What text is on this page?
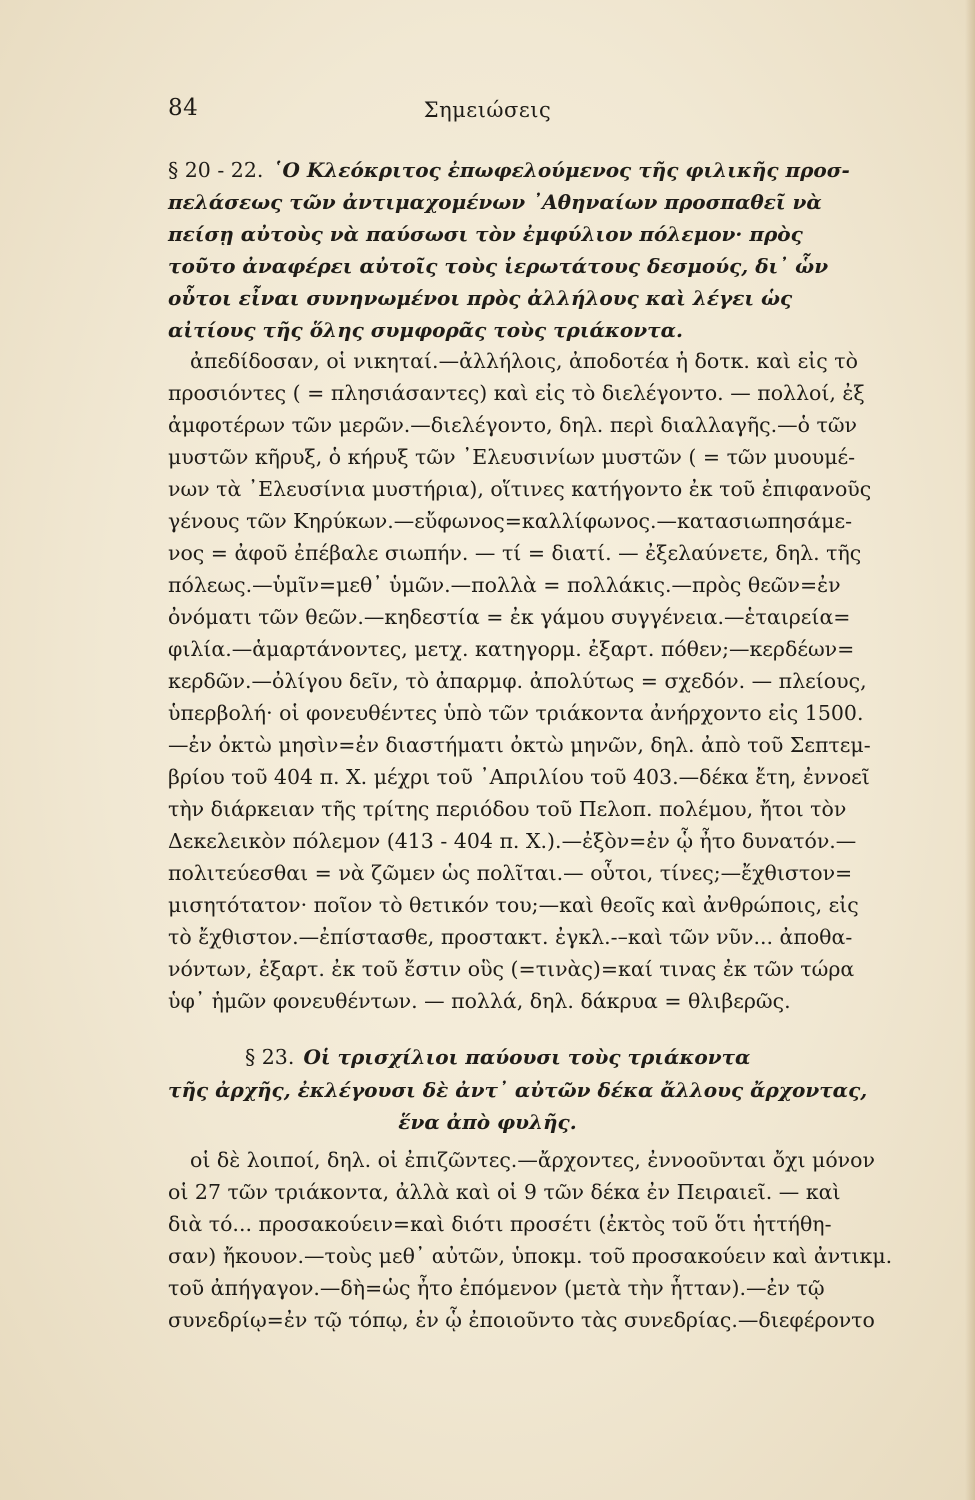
84	Σημειώσεις
§ 20 - 22. ῾Ο Κλεόκριτος ἐπωφελούμενος τῆς φιλικῆς προσ-
πελάσεως τῶν ἀντιμαχομένων ᾿Αθηναίων προσπαθεῖ νὰ
πείσῃ αὐτοὺς νὰ παύσωσι τὸν ἐμφύλιον πόλεμον· πρὸς
τοῦτο ἀναφέρει αὐτοῖς τοὺς ἱερωτάτους δεσμούς, δι᾿ ὧν
οὗτοι εἶναι συνηνωμένοι πρὸς ἀλλήλους καὶ λέγει ὡς
αἰτίους τῆς ὅλης συμφορᾶς τοὺς τριάκοντα.
ἀπεδίδοσαν, οἱ νικηταί.—ἀλλήλοις, ἀποδοτέα ἡ δοτκ. καὶ εἰς τὸ
προσιόντες ( = πλησιάσαντες) καὶ εἰς τὸ διελέγοντο. — πολλοί, ἐξ
ἀμφοτέρων τῶν μερῶν.—διελέγοντο, δηλ. περὶ διαλλαγῆς.—ὁ τῶν
μυστῶν κῆρυξ, ὁ κήρυξ τῶν ᾿Ελευσινίων μυστῶν ( = τῶν μυουμέ-
νων τὰ ᾿Ελευσίνια μυστήρια), οἵτινες κατήγοντο ἐκ τοῦ ἐπιφανοῦς
γένους τῶν Κηρύκων.—εὔφωνος=καλλίφωνος.—κατασιωπησάμε-
νος = ἀφοῦ ἐπέβαλε σιωπήν. — τί = διατί. — ἐξελαύνετε, δηλ. τῆς
πόλεως.—ὑμῖν=μεθ᾿ ὑμῶν.—πολλὰ = πολλάκις.—πρὸς θεῶν=ἐν
ὀνόματι τῶν θεῶν.—κηδεστία = ἐκ γάμου συγγένεια.—ἑταιρεία=
φιλία.—ἁμαρτάνοντες, μετχ. κατηγορμ. ἐξαρτ. πόθεν;—κερδέων=
κερδῶν.—ὀλίγου δεῖν, τὸ ἀπαρμφ. ἀπολύτως = σχεδόν. — πλείους,
ὑπερβολή· οἱ φονευθέντες ὑπὸ τῶν τριάκοντα ἀνήρχοντο εἰς 1500.
—ἐν ὀκτὼ μησὶν=ἐν διαστήματι ὀκτὼ μηνῶν, δηλ. ἀπὸ τοῦ Σεπτεμ-
βρίου τοῦ 404 π. Χ. μέχρι τοῦ ᾿Απριλίου τοῦ 403.—δέκα ἔτη, ἐννοεῖ
τὴν διάρκειαν τῆς τρίτης περιόδου τοῦ Πελοπ. πολέμου, ἤτοι τὸν
Δεκελεικὸν πόλεμον (413 - 404 π. Χ.).—ἐξὸν=ἐν ᾧ ἦτο δυνατόν.—
πολιτεύεσθαι = νὰ ζῶμεν ὡς πολῖται.— οὗτοι, τίνες;—ἔχθιστον=
μισητότατον· ποῖον τὸ θετικόν του;—καὶ θεοῖς καὶ ἀνθρώποις, εἰς
τὸ ἔχθιστον.—ἐπίστασθε, προστακτ. ἐγκλ.-–καὶ τῶν νῦν... ἀποθα-
νόντων, ἐξαρτ. ἐκ τοῦ ἔστιν οὓς (=τινὰς)=καί τινας ἐκ τῶν τώρα
ὑφ᾿ ἡμῶν φονευθέντων. — πολλά, δηλ. δάκρυα = θλιβερῶς.
§ 23. Οἱ τρισχίλιοι παύουσι τοὺς τριάκοντα
τῆς ἀρχῆς, ἐκλέγουσι δὲ ἀντ᾿ αὐτῶν δέκα ἄλλους ἄρχοντας,
ἕνα ἀπὸ φυλῆς.
οἱ δὲ λοιποί, δηλ. οἱ ἐπιζῶντες.—ἄρχοντες, ἐννοοῦνται ὄχι μόνον
οἱ 27 τῶν τριάκοντα, ἀλλὰ καὶ οἱ 9 τῶν δέκα ἐν Πειραιεῖ. — καὶ
διὰ τό... προσακούειν=καὶ διότι προσέτι (ἐκτὸς τοῦ ὅτι ἡττήθη-
σαν) ἤκουον.—τοὺς μεθ᾿ αὐτῶν, ὑποκμ. τοῦ προσακούειν καὶ ἀντικμ.
τοῦ ἀπήγαγον.—δὴ=ὡς ἦτο ἐπόμενον (μετὰ τὴν ἧτταν).—ἐν τῷ
συνεδρίῳ=ἐν τῷ τόπῳ, ἐν ᾧ ἐποιοῦντο τὰς συνεδρίας.—διεφέροντο
